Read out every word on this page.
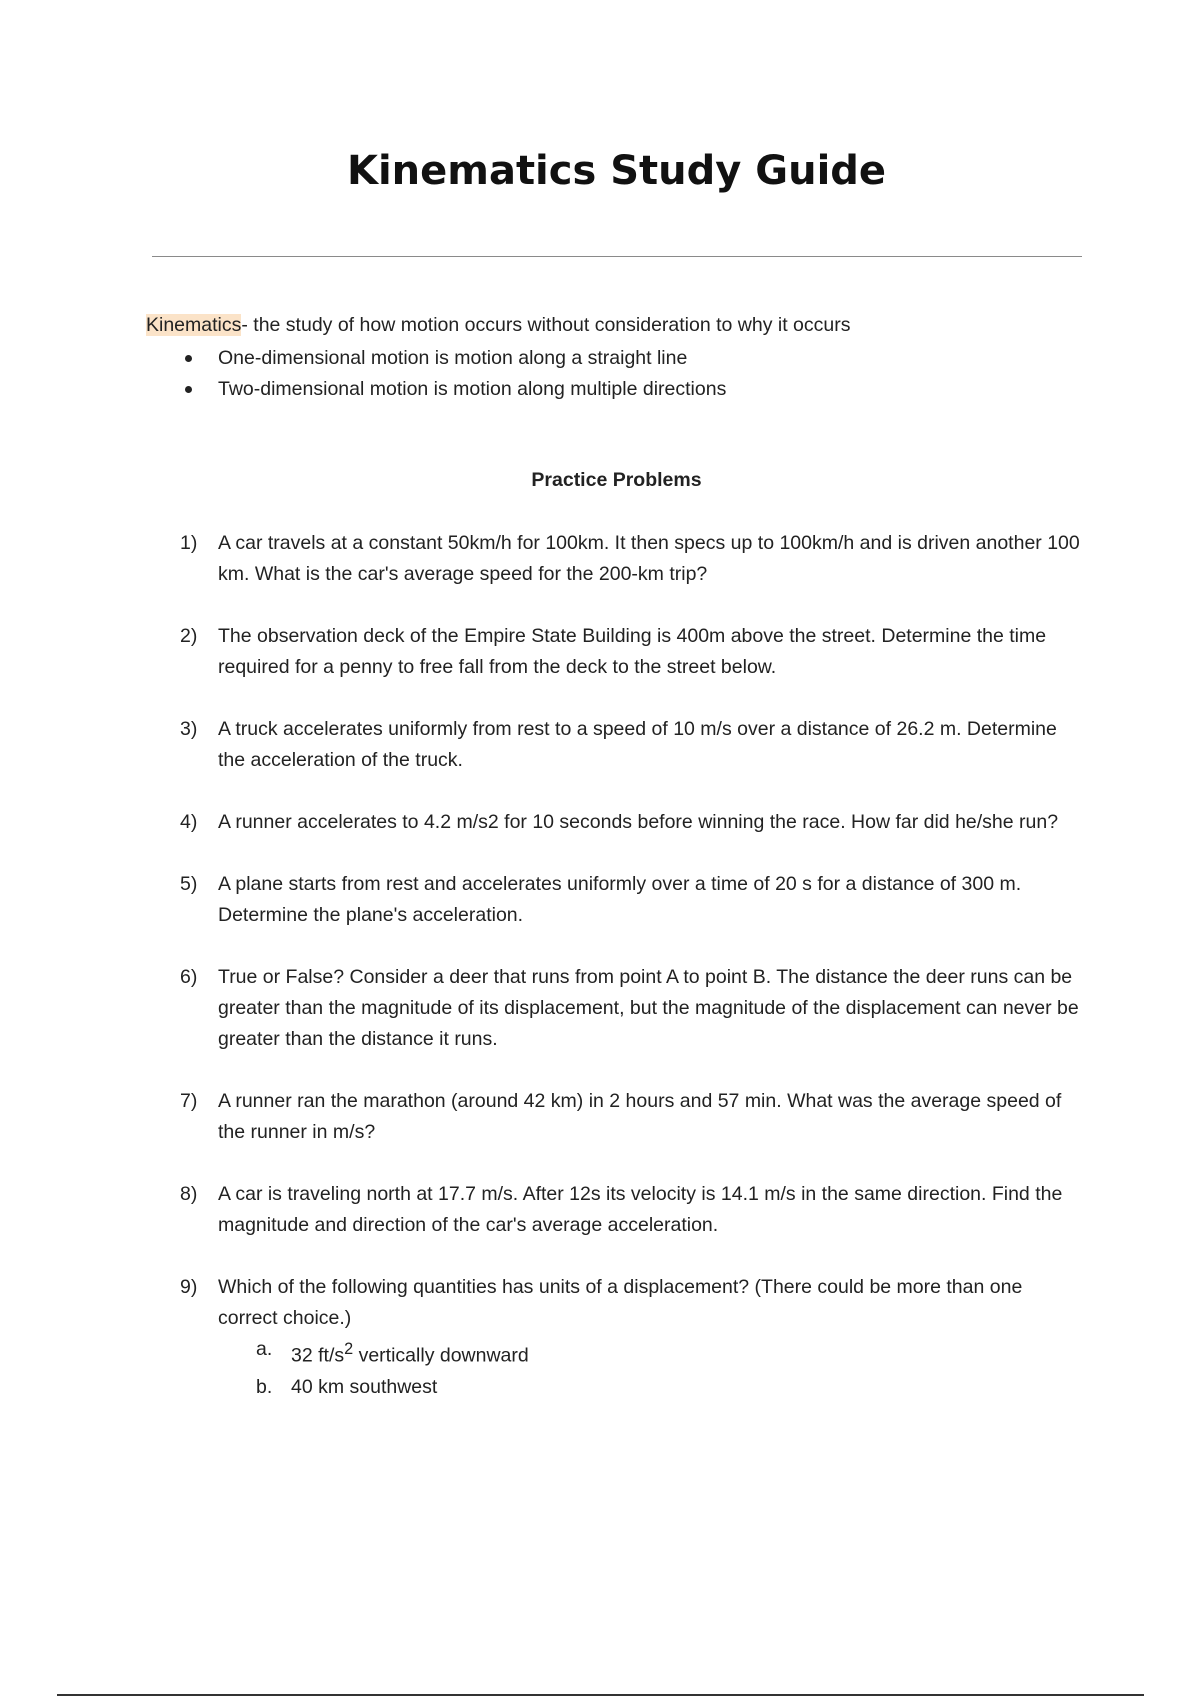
Kinematics Study Guide

Kinematics- the study of how motion occurs without consideration to why it occurs

One-dimensional motion is motion along a straight line
Two-dimensional motion is motion along multiple directions
Practice Problems
1) A car travels at a constant 50km/h for 100km. It then specs up to 100km/h and is driven another 100 km. What is the car's average speed for the 200-km trip?
2) The observation deck of the Empire State Building is 400m above the street. Determine the time required for a penny to free fall from the deck to the street below.
3) A truck accelerates uniformly from rest to a speed of 10 m/s over a distance of 26.2 m. Determine the acceleration of the truck.
4) A runner accelerates to 4.2 m/s2 for 10 seconds before winning the race. How far did he/she run?
5) A plane starts from rest and accelerates uniformly over a time of 20 s for a distance of 300 m. Determine the plane's acceleration.
6) True or False? Consider a deer that runs from point A to point B. The distance the deer runs can be greater than the magnitude of its displacement, but the magnitude of the displacement can never be greater than the distance it runs.
7) A runner ran the marathon (around 42 km) in 2 hours and 57 min. What was the average speed of the runner in m/s?
8) A car is traveling north at 17.7 m/s. After 12s its velocity is 14.1 m/s in the same direction. Find the magnitude and direction of the car's average acceleration.
9) Which of the following quantities has units of a displacement? (There could be more than one correct choice.)
a. 32 $ft/s^2$ vertically downward
b. 40 km southwest
